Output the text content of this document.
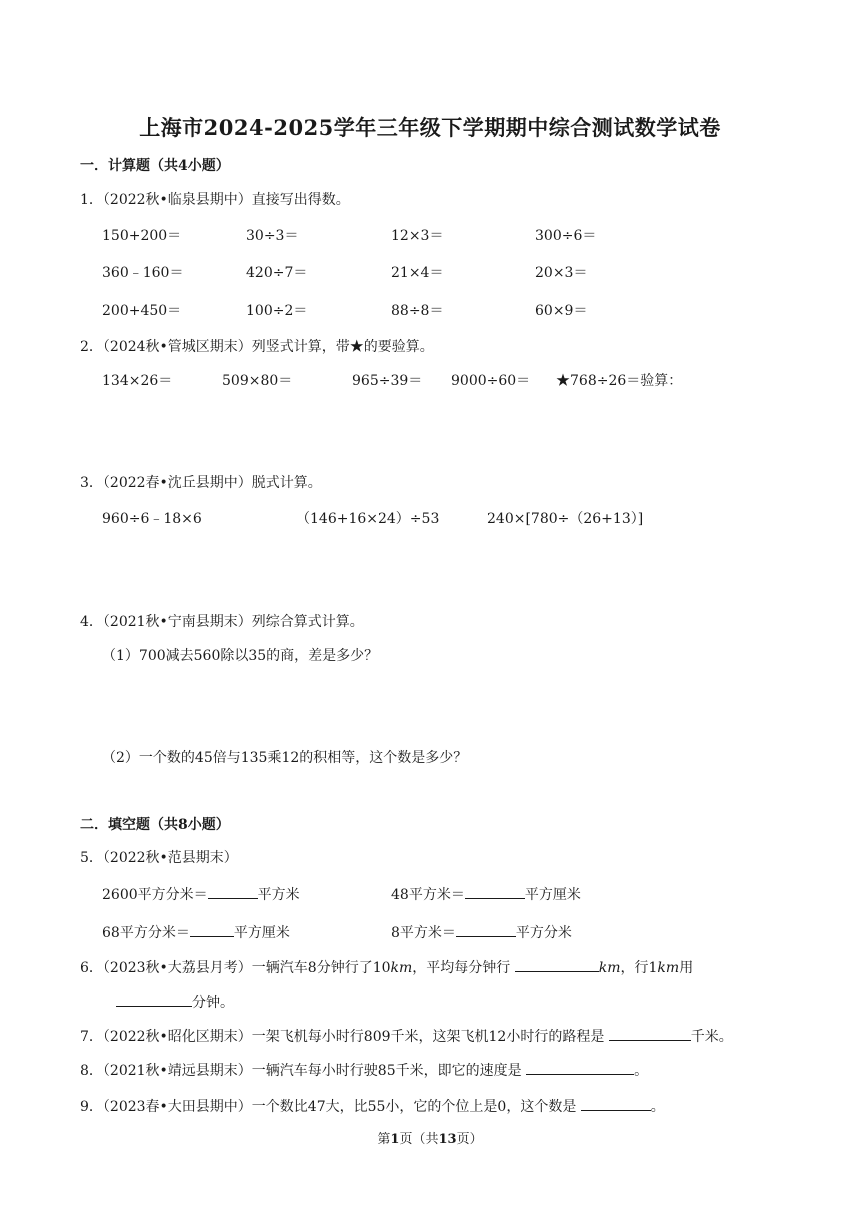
上海市2024-2025学年三年级下学期期中综合测试数学试卷
一．计算题（共4小题）
1．（2022秋•临泉县期中）直接写出得数。
150+200＝	30÷3＝	12×3＝	300÷6＝
360﹣160＝	420÷7＝	21×4＝	20×3＝
200+450＝	100÷2＝	88÷8＝	60×9＝
2．（2024秋•管城区期末）列竖式计算，带★的要验算。
134×26＝	509×80＝	965÷39＝ 9000÷60＝ ★768÷26＝验算：
3．（2022春•沈丘县期中）脱式计算。
960÷6﹣18×6	（146+16×24）÷53	240×[780÷（26+13）]
4．（2021秋•宁南县期末）列综合算式计算。
（1）700减去560除以35的商，差是多少？
（2）一个数的45倍与135乘12的积相等，这个数是多少？
二．填空题（共8小题）
5．（2022秋•范县期末）
2600平方分米＝	平方米	48平方米＝	平方厘米
68平方分米＝	平方厘米	8平方米＝	平方分米
6．（2023秋•大荔县月考）一辆汽车8分钟行了10km，平均每分钟行	km，行1km用
分钟。
7．（2022秋•昭化区期末）一架飞机每小时行809千米，这架飞机12小时行的路程是	千米。
8．（2021秋•靖远县期末）一辆汽车每小时行驶85千米，即它的速度是	。
9．（2023春•大田县期中）一个数比47大，比55小，它的个位上是0，这个数是	。
第1页（共13页）
